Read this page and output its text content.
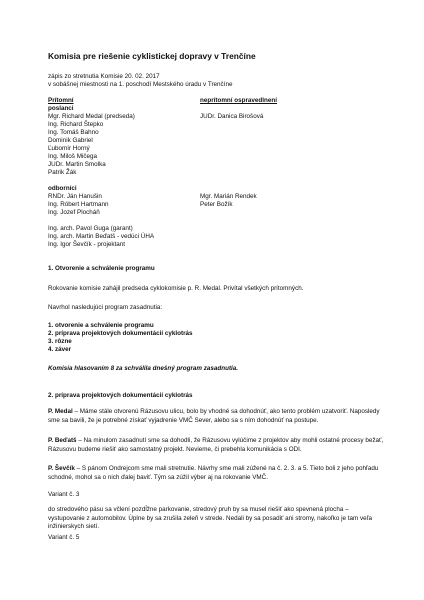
Komisia pre riešenie cyklistickej dopravy v Trenčíne
zápis zo stretnutia Komisie 20. 02. 2017
v sobášnej miestnosti na 1. poschodí Mestského úradu v Trenčíne
Prítomní	neprítomní ospravedlnení
poslanci
Mgr. Richard Medal (predseda)
Ing. Richard Štepko
Ing. Tomáš Bahno
Dominik Gabriel
Ľubomír Horný
Ing. Miloš Mičega
JUDr. Martin Smolka
Patrik Žák
JUDr. Danica Birošová
odborníci
RNDr. Ján Hanušin
Ing. Róbert Hartmann
Ing. Jozef Plocháň
Mgr. Marián Rendek
Peter Božík
Ing. arch. Pavol Guga (garant)
Ing. arch. Martin Beďatš - vedúci ÚHA
Ing. Igor Ševčík - projektant
1. Otvorenie a schválenie programu
Rokovanie komisie zahájil predseda cyklokomisie p. R. Medal. Privítal všetkých prítomných.
Navrhol nasledujúci program zasadnutia:
1. otvorenie a schválenie programu
2. príprava projektových dokumentácií cyklotrás
3. rôzne
4. záver
Komisia hlasovaním 8 za schválila dnešný program zasadnutia.
2. príprava projektových dokumentácií cyklotrás
P. Medal – Máme stále otvorenú Rázusovu ulicu, bolo by vhodné sa dohodnúť, ako tento problém uzatvoriť. Naposledy sme sa bavili, že je potrebné získať vyjadrenie VMČ Sever, alebo sa s ním dohodnúť na postupe.
P. Beďatš – Na minulom zasadnutí sme sa dohodli, že Rázusovu vylúčime z projektov aby mohli ostatné procesy bežať, Rázusovu budeme riešiť ako samostatný projekt. Nevieme, či prebehla komunikácia s ODI.
P. Ševčík – S pánom Ondrejcom sme mali stretnutie. Návrhy sme mali zúžené na č. 2. 3. a 5. Tieto boli z jeho pohľadu schodné, mohol sa o nich ďalej baviť. Tým sa zúžil výber aj na rokovanie VMČ.
Variant č. 3
do stredového pásu sa včlení pozdĺžne parkovanie, stredový pruh by sa musel riešiť ako spevnená plocha – vystupovanie z automobilov. Úplne by sa zrušila zeleň v strede. Nedali by sa posadiť ani stromy, nakoľko je tam veľa inžinierskych sietí.
Variant č. 5
